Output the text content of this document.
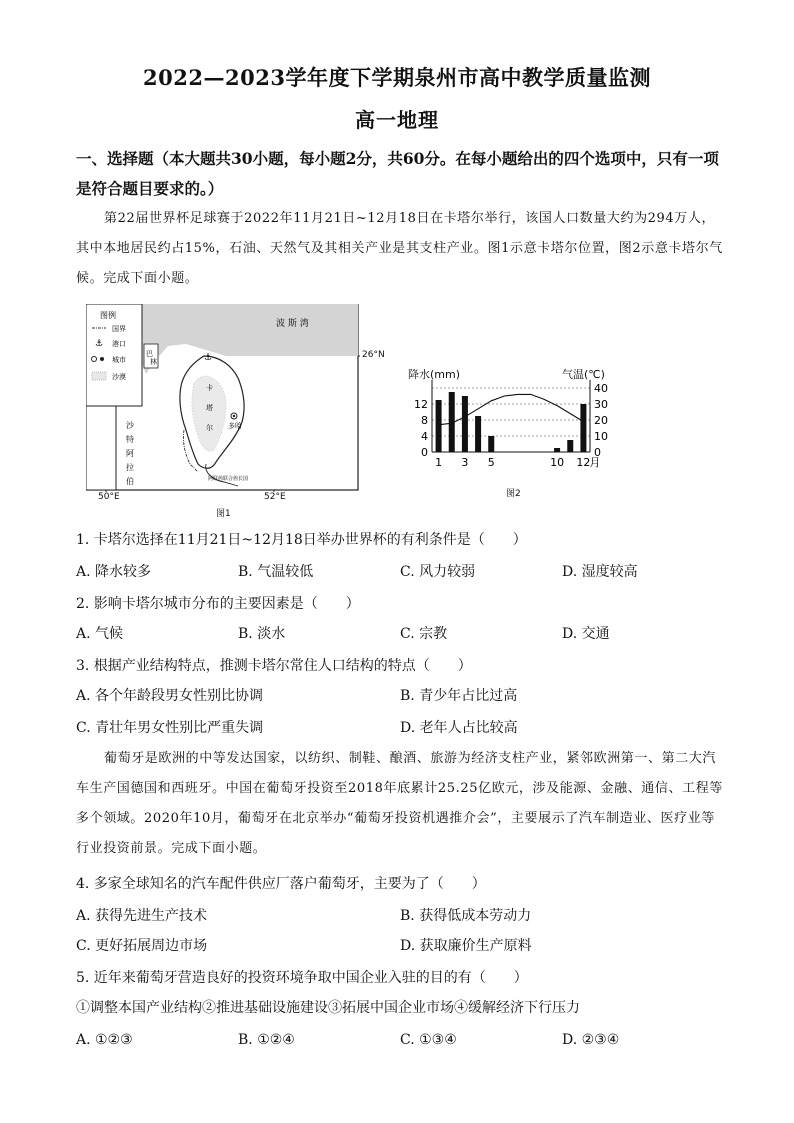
2022—2023学年度下学期泉州市高中教学质量监测
高一地理
一、选择题（本大题共30小题，每小题2分，共60分。在每小题给出的四个选项中，只有一项是符合题目要求的。）
第22届世界杯足球赛于2022年11月21日~12月18日在卡塔尔举行，该国人口数量大约为294万人，其中本地居民约占15%，石油、天然气及其相关产业是其支柱产业。图1示意卡塔尔位置，图2示意卡塔尔气候。完成下面小题。
图例
国界
⚓ 港口
城市
沙漠
沙
特
阿
拉
伯
巴
林
阿联酋联合酋长国
⚓
多哈
卡
塔
尔
波 斯 湾
26°N
50°E	52°E
图1
降水(mm)	气温(℃)
0
4
8
12
0
10
20
30
40
1 3 5	10 12 月
图2
1. 卡塔尔选择在11月21日~12月18日举办世界杯的有利条件是（　　）
A. 降水较多	B. 气温较低	C. 风力较弱	D. 湿度较高
2. 影响卡塔尔城市分布的主要因素是（　　）
A. 气候	B. 淡水	C. 宗教	D. 交通
3. 根据产业结构特点，推测卡塔尔常住人口结构的特点（　　）
A. 各个年龄段男女性别比协调	B. 青少年占比过高
C. 青壮年男女性别比严重失调	D. 老年人占比较高
葡萄牙是欧洲的中等发达国家，以纺织、制鞋、酿酒、旅游为经济支柱产业，紧邻欧洲第一、第二大汽车生产国德国和西班牙。中国在葡萄牙投资至2018年底累计25.25亿欧元，涉及能源、金融、通信、工程等多个领域。2020年10月，葡萄牙在北京举办“葡萄牙投资机遇推介会”，主要展示了汽车制造业、医疗业等行业投资前景。完成下面小题。
4. 多家全球知名的汽车配件供应厂落户葡萄牙，主要为了（　　）
A. 获得先进生产技术	B. 获得低成本劳动力
C. 更好拓展周边市场	D. 获取廉价生产原料
5. 近年来葡萄牙营造良好的投资环境争取中国企业入驻的目的有（　　）
①调整本国产业结构②推进基础设施建设③拓展中国企业市场④缓解经济下行压力
A. ①②③	B. ①②④	C. ①③④	D. ②③④
